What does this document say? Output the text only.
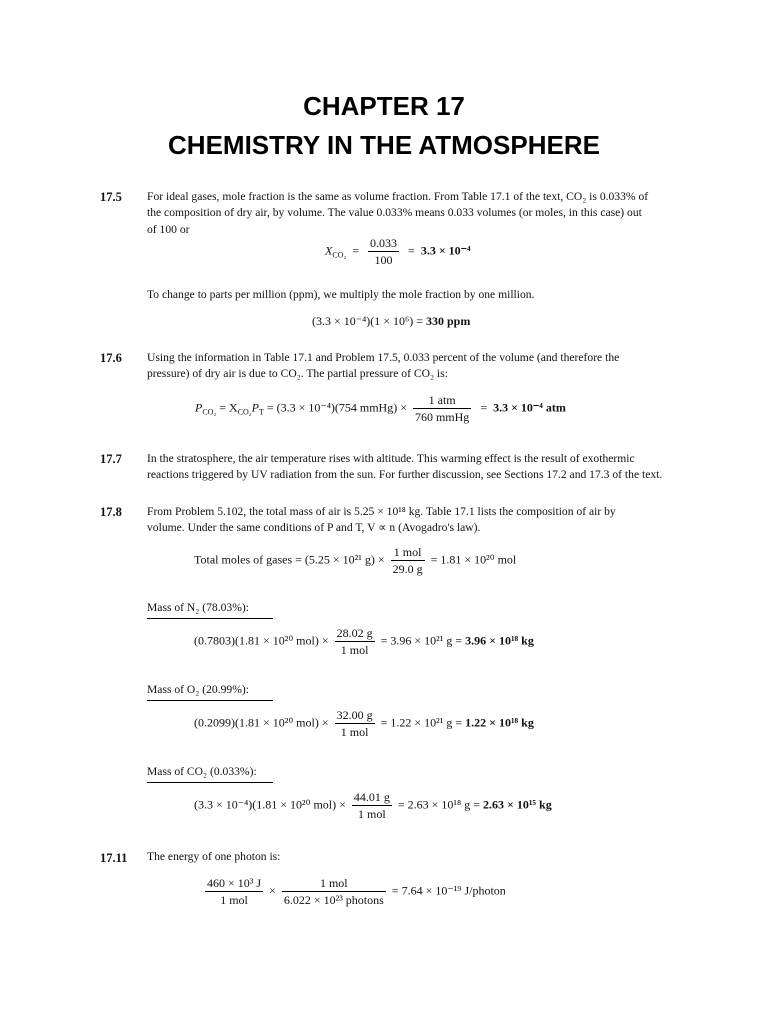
CHAPTER 17
CHEMISTRY IN THE ATMOSPHERE
17.5 For ideal gases, mole fraction is the same as volume fraction. From Table 17.1 of the text, CO₂ is 0.033% of
the composition of dry air, by volume. The value 0.033% means 0.033 volumes (or moles, in this case) out
of 100 or
$X_{CO_2} = \frac{0.033}{100} = 3.3 \times 10^{-4}$
To change to parts per million (ppm), we multiply the mole fraction by one million.
(3.3 × 10⁻⁴)(1 × 10⁶) = 330 ppm
17.6 Using the information in Table 17.1 and Problem 17.5, 0.033 percent of the volume (and therefore the
pressure) of dry air is due to CO₂. The partial pressure of CO₂ is:
$P_{CO_2} = X_{CO_2}P_T = (3.3 \times 10^{-4})(754$ mmHg) × $\frac{\text{1 atm}}{\text{760 mmHg}} = 3.3 \times 10^{-4}$ atm
17.7 In the stratosphere, the air temperature rises with altitude. This warming effect is the result of exothermic
reactions triggered by UV radiation from the sun. For further discussion, see Sections 17.2 and 17.3 of the text.
17.8 From Problem 5.102, the total mass of air is 5.25 × 10¹⁸ kg. Table 17.1 lists the composition of air by
volume. Under the same conditions of P and T, V ∝ n (Avogadro's law).
Total moles of gases = (5.25 × 10²¹ $g) \times \frac{\text{1 mol}}{29.0 g} = 1.81 \times 10^{20}$ mol
Mass of N₂ (78.03%):
(0.7803)(1.81 × 10²⁰ $mol) \times \frac{28.02 g}{\text{1 mol}} = 3.96 \times 10^{21}$ g = 3.96 × 10¹⁸ kg
Mass of O₂ (20.99%):
(0.2099)(1.81 × 10²⁰ $mol) \times \frac{32.00 g}{\text{1 mol}} = 1.22 \times 10^{21}$ g = 1.22 × 10¹⁸ kg
Mass of CO₂ (0.033%):
(3.3 × 10⁻⁴)(1.81 × 10²⁰ $mol) \times \frac{44.01 g}{\text{1 mol}} = 2.63 \times 10^{18}$ g = 2.63 × 10¹⁵ kg
17.11 The energy of one photon is:
$\frac{\text{460 × 10³ J}}{\text{1 mol}} \times \frac{\text{1 mol}}{\text{6.022 × 10²³ photons}} = 7.64 \times 10^{-19}$ J/photon
